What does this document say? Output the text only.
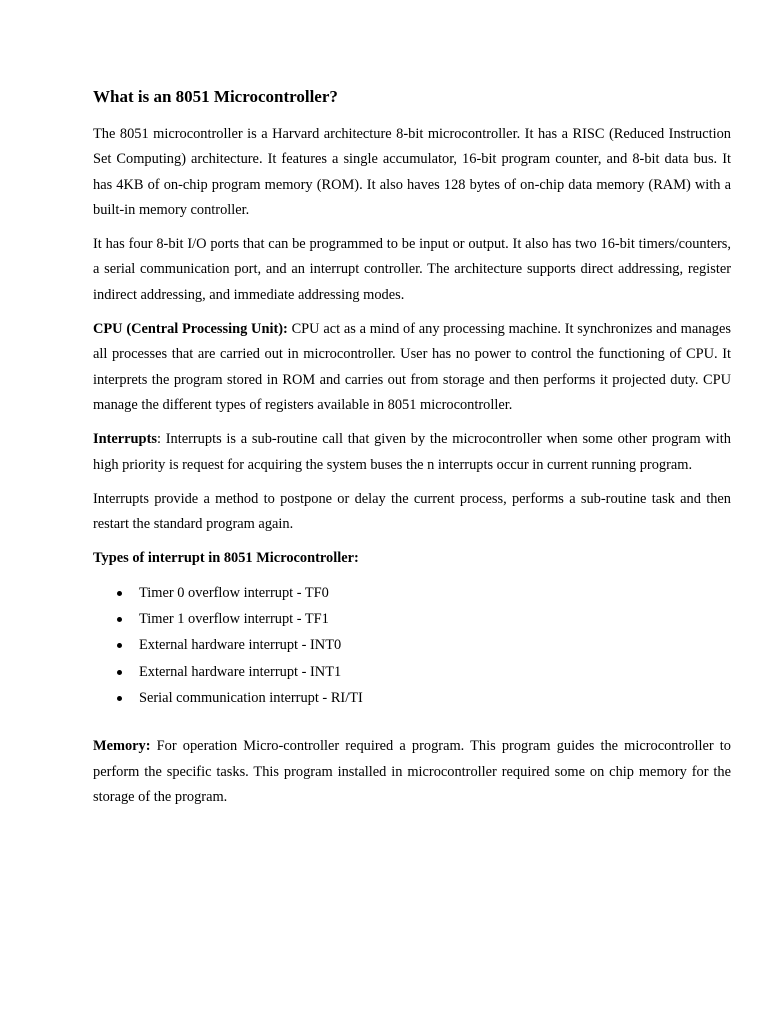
What is an 8051 Microcontroller?

The 8051 microcontroller is a Harvard architecture 8-bit microcontroller. It has a RISC (Reduced Instruction Set Computing) architecture. It features a single accumulator, 16-bit program counter, and 8-bit data bus. It has 4KB of on-chip program memory (ROM). It also haves 128 bytes of on-chip data memory (RAM) with a built-in memory controller.

It has four 8-bit I/O ports that can be programmed to be input or output. It also has two 16-bit timers/counters, a serial communication port, and an interrupt controller. The architecture supports direct addressing, register indirect addressing, and immediate addressing modes.

CPU (Central Processing Unit): CPU act as a mind of any processing machine. It synchronizes and manages all processes that are carried out in microcontroller. User has no power to control the functioning of CPU. It interprets the program stored in ROM and carries out from storage and then performs it projected duty. CPU manage the different types of registers available in 8051 microcontroller.

Interrupts: Interrupts is a sub-routine call that given by the microcontroller when some other program with high priority is request for acquiring the system buses the n interrupts occur in current running program.

Interrupts provide a method to postpone or delay the current process, performs a sub-routine task and then restart the standard program again.

Types of interrupt in 8051 Microcontroller:
Timer 0 overflow interrupt - TF0
Timer 1 overflow interrupt - TF1
External hardware interrupt - INT0
External hardware interrupt - INT1
Serial communication interrupt - RI/TI

Memory: For operation Micro-controller required a program. This program guides the microcontroller to perform the specific tasks. This program installed in microcontroller required some on chip memory for the storage of the program.
